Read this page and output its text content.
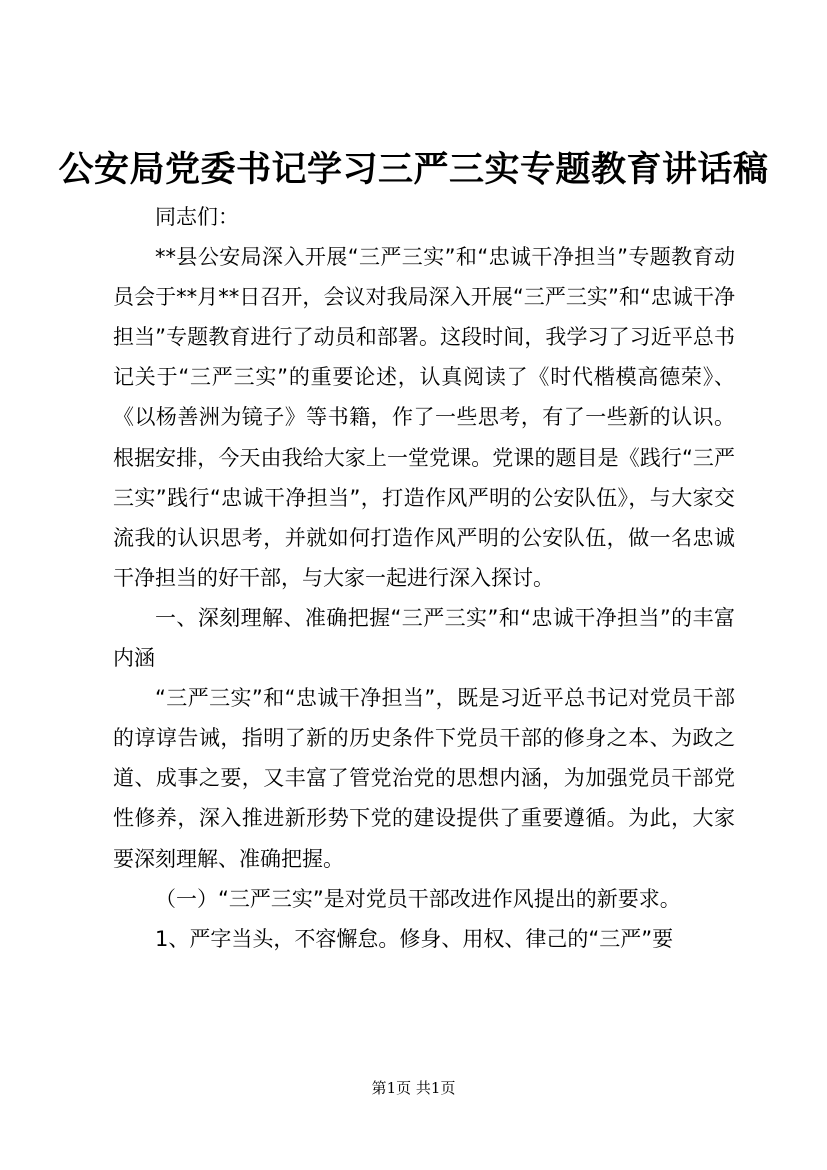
公安局党委书记学习三严三实专题教育讲话稿

同志们：

**县公安局深入开展“三严三实”和“忠诚干净担当”专题教育动员会于**月**日召开，会议对我局深入开展“三严三实”和“忠诚干净担当”专题教育进行了动员和部署。这段时间，我学习了习近平总书记关于“三严三实”的重要论述，认真阅读了《时代楷模高德荣》、《以杨善洲为镜子》等书籍，作了一些思考，有了一些新的认识。根据安排，今天由我给大家上一堂党课。党课的题目是《践行“三严三实”践行“忠诚干净担当”，打造作风严明的公安队伍》，与大家交流我的认识思考，并就如何打造作风严明的公安队伍，做一名忠诚干净担当的好干部，与大家一起进行深入探讨。

一、深刻理解、准确把握“三严三实”和“忠诚干净担当”的丰富内涵

“三严三实”和“忠诚干净担当”，既是习近平总书记对党员干部的谆谆告诫，指明了新的历史条件下党员干部的修身之本、为政之道、成事之要，又丰富了管党治党的思想内涵，为加强党员干部党性修养，深入推进新形势下党的建设提供了重要遵循。为此，大家要深刻理解、准确把握。

（一）“三严三实”是对党员干部改进作风提出的新要求。

1、严字当头，不容懈怠。修身、用权、律己的“三严”要

第1页 共1页
